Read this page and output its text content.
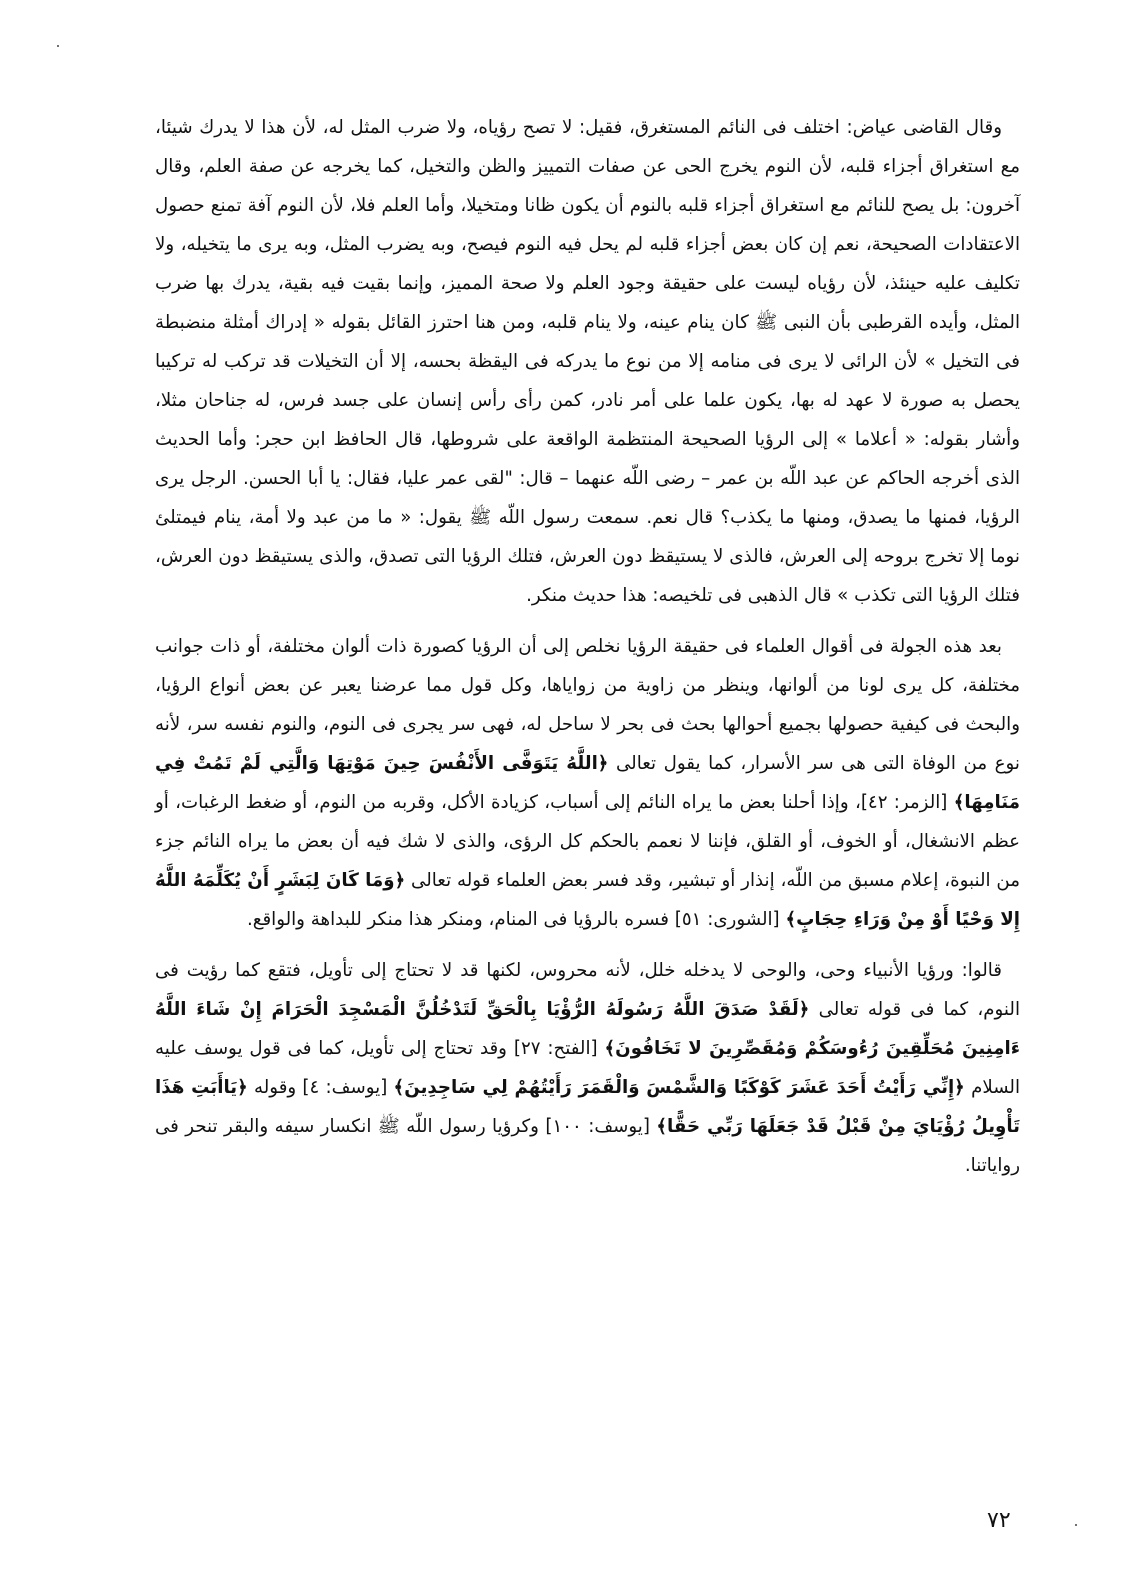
وقال القاضى عياض: اختلف فى النائم المستغرق، فقيل: لا تصح رؤياه، ولا ضرب المثل له، لأن هذا لا يدرك شيئا، مع استغراق أجزاء قلبه، لأن النوم يخرج الحى عن صفات التمييز والظن والتخيل، كما يخرجه عن صفة العلم، وقال آخرون: بل يصح للنائم مع استغراق أجزاء قلبه بالنوم أن يكون ظانا ومتخيلا، وأما العلم فلا، لأن النوم آفة تمنع حصول الاعتقادات الصحيحة، نعم إن كان بعض أجزاء قلبه لم يحل فيه النوم فيصح، وبه يضرب المثل، وبه يرى ما يتخيله، ولا تكليف عليه حينئذ، لأن رؤياه ليست على حقيقة وجود العلم ولا صحة المميز، وإنما بقيت فيه بقية، يدرك بها ضرب المثل، وأيده القرطبى بأن النبى ﷺ كان ينام عينه، ولا ينام قلبه، ومن هنا احترز القائل بقوله « إدراك أمثلة منضبطة فى التخيل » لأن الرائى لا يرى فى منامه إلا من نوع ما يدركه فى اليقظة بحسه، إلا أن التخيلات قد تركب له تركيبا يحصل به صورة لا عهد له بها، يكون علما على أمر نادر، كمن رأى رأس إنسان على جسد فرس، له جناحان مثلا، وأشار بقوله: « أعلاما » إلى الرؤيا الصحيحة المنتظمة الواقعة على شروطها، قال الحافظ ابن حجر: وأما الحديث الذى أخرجه الحاكم عن عبد اللّه بن عمر – رضى اللّه عنهما – قال: "لقى عمر عليا، فقال: يا أبا الحسن. الرجل يرى الرؤيا، فمنها ما يصدق، ومنها ما يكذب؟ قال نعم. سمعت رسول اللّه ﷺ يقول: « ما من عبد ولا أمة، ينام فيمتلئ نوما إلا تخرج بروحه إلى العرش، فالذى لا يستيقظ دون العرش، فتلك الرؤيا التى تصدق، والذى يستيقظ دون العرش، فتلك الرؤيا التى تكذب » قال الذهبى فى تلخيصه: هذا حديث منكر.

بعد هذه الجولة فى أقوال العلماء فى حقيقة الرؤيا نخلص إلى أن الرؤيا كصورة ذات ألوان مختلفة، أو ذات جوانب مختلفة، كل يرى لونا من ألوانها، وينظر من زاوية من زواياها، وكل قول مما عرضنا يعبر عن بعض أنواع الرؤيا، والبحث فى كيفية حصولها بجميع أحوالها بحث فى بحر لا ساحل له، فهى سر يجرى فى النوم، والنوم نفسه سر، لأنه نوع من الوفاة التى هى سر الأسرار، كما يقول تعالى ﴿اللَّهُ يَتَوَفَّى الأَنْفُسَ حِينَ مَوْتِهَا وَالَّتِي لَمْ تَمُتْ فِي مَنَامِهَا﴾ [الزمر: ٤٢]، وإذا أحلنا بعض ما يراه النائم إلى أسباب، كزيادة الأكل، وقربه من النوم، أو ضغط الرغبات، أو عظم الانشغال، أو الخوف، أو القلق، فإننا لا نعمم بالحكم كل الرؤى، والذى لا شك فيه أن بعض ما يراه النائم جزء من النبوة، إعلام مسبق من اللّه، إنذار أو تبشير، وقد فسر بعض العلماء قوله تعالى ﴿وَمَا كَانَ لِبَشَرٍ أَنْ يُكَلِّمَهُ اللَّهُ إِلا وَحْيًا أَوْ مِنْ وَرَاءِ حِجَابٍ﴾ [الشورى: ٥١] فسره بالرؤيا فى المنام، ومنكر هذا منكر للبداهة والواقع.

قالوا: ورؤيا الأنبياء وحى، والوحى لا يدخله خلل، لأنه محروس، لكنها قد لا تحتاج إلى تأويل، فتقع كما رؤيت فى النوم، كما فى قوله تعالى ﴿لَقَدْ صَدَقَ اللَّهُ رَسُولَهُ الرُّؤْيَا بِالْحَقِّ لَتَدْخُلُنَّ الْمَسْجِدَ الْحَرَامَ إِنْ شَاءَ اللَّهُ ءَامِنِينَ مُحَلِّقِينَ رُءُوسَكُمْ وَمُقَصِّرِينَ لا تَخَافُونَ﴾ [الفتح: ٢٧] وقد تحتاج إلى تأويل، كما فى قول يوسف عليه السلام ﴿إِنِّي رَأَيْتُ أَحَدَ عَشَرَ كَوْكَبًا وَالشَّمْسَ وَالْقَمَرَ رَأَيْتُهُمْ لِي سَاجِدِينَ﴾ [يوسف: ٤] وقوله ﴿يَاأَبَتِ هَذَا تَأْوِيلُ رُؤْيَايَ مِنْ قَبْلُ قَدْ جَعَلَهَا رَبِّي حَقًّا﴾ [يوسف: ١٠٠] وكرؤيا رسول اللّه ﷺ انكسار سيفه والبقر تنحر فى رواياتنا.

٧٢
